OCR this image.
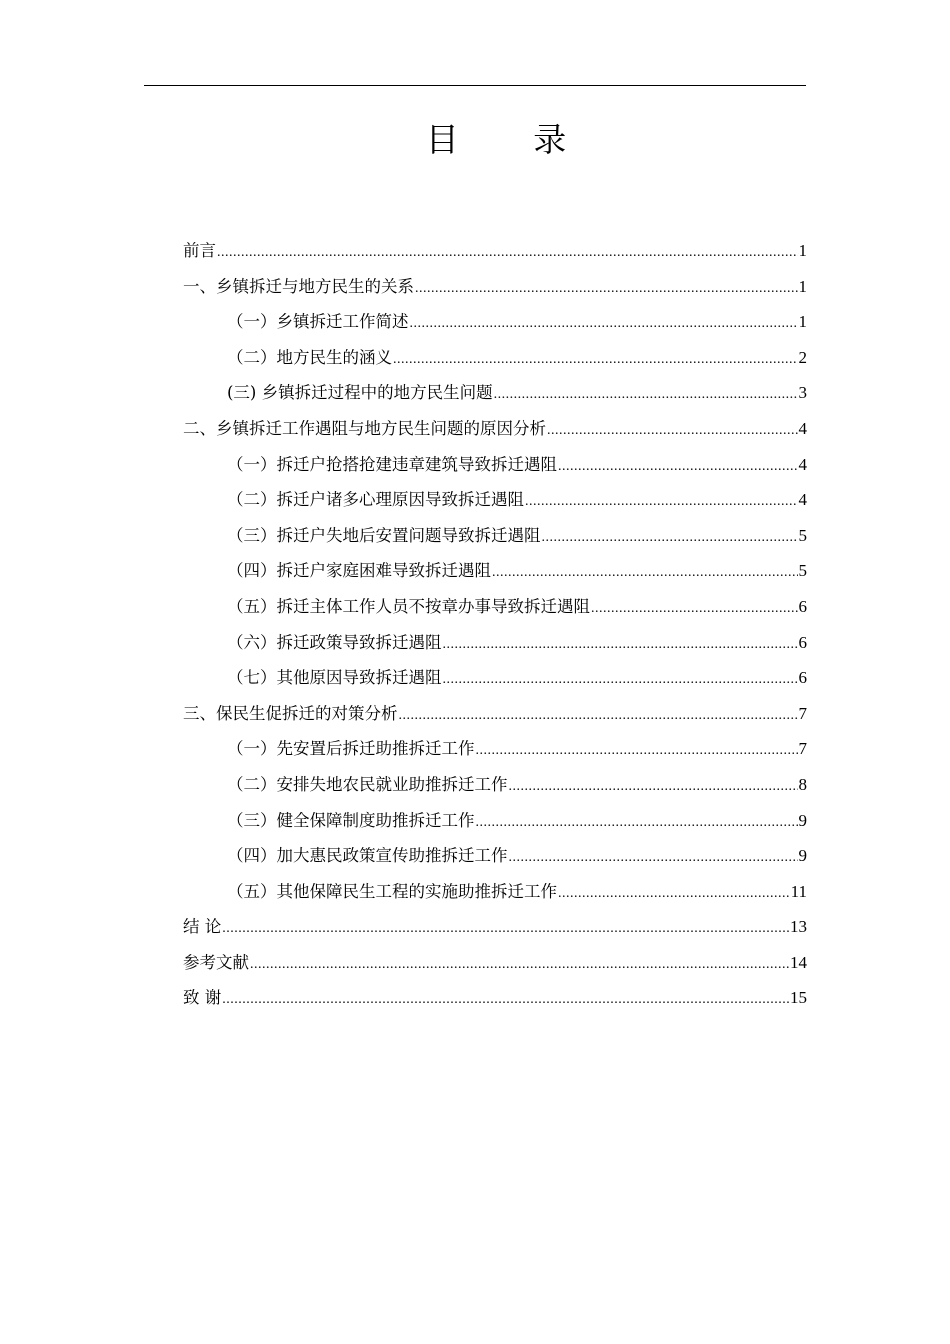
目 录
前言 .....	1
一、乡镇拆迁与地方民生的关系 .....	1
（一）乡镇拆迁工作简述 .....	1
（二）地方民生的涵义 .....	2
(三) 乡镇拆迁过程中的地方民生问题 .....	3
二、乡镇拆迁工作遇阻与地方民生问题的原因分析 .....	4
（一）拆迁户抢搭抢建违章建筑导致拆迁遇阻 .....	4
（二）拆迁户诸多心理原因导致拆迁遇阻 .....	4
（三）拆迁户失地后安置问题导致拆迁遇阻 .....	5
（四）拆迁户家庭困难导致拆迁遇阻 .....	5
（五）拆迁主体工作人员不按章办事导致拆迁遇阻 .....	6
（六）拆迁政策导致拆迁遇阻 .....	6
（七）其他原因导致拆迁遇阻 .....	6
三、保民生促拆迁的对策分析 .....	7
（一）先安置后拆迁助推拆迁工作 .....	7
（二）安排失地农民就业助推拆迁工作 .....	8
（三）健全保障制度助推拆迁工作 .....	9
（四）加大惠民政策宣传助推拆迁工作 .....	9
（五）其他保障民生工程的实施助推拆迁工作 .....	11
结 论 .....	13
参考文献 .....	14
致 谢 .....	15
